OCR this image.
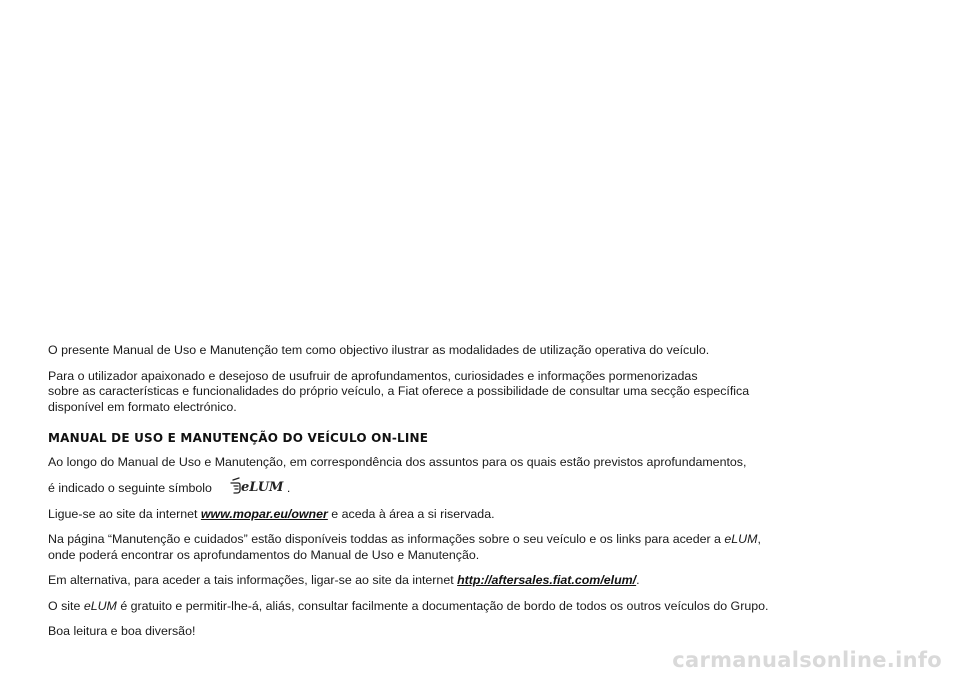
O presente Manual de Uso e Manutenção tem como objectivo ilustrar as modalidades de utilização operativa do veículo.
Para o utilizador apaixonado e desejoso de usufruir de aprofundamentos, curiosidades e informações pormenorizadas
sobre as características e funcionalidades do próprio veículo, a Fiat oferece a possibilidade de consultar uma secção específica
disponível em formato electrónico.
MANUAL DE USO E MANUTENÇÃO DO VEÍCULO ON-LINE
Ao longo do Manual de Uso e Manutenção, em correspondência dos assuntos para os quais estão previstos aprofundamentos,
é indicado o seguinte símbolo eLUM .
Ligue-se ao site da internet www.mopar.eu/owner e aceda à área a si riservada.
Na página “Manutenção e cuidados” estão disponíveis toddas as informações sobre o seu veículo e os links para aceder a eLUM,
onde poderá encontrar os aprofundamentos do Manual de Uso e Manutenção.
Em alternativa, para aceder a tais informações, ligar-se ao site da internet http://aftersales.fiat.com/elum/.
O site eLUM é gratuito e permitir-lhe-á, aliás, consultar facilmente a documentação de bordo de todos os outros veículos do Grupo.
Boa leitura e boa diversão!
carmanualsonline.info
